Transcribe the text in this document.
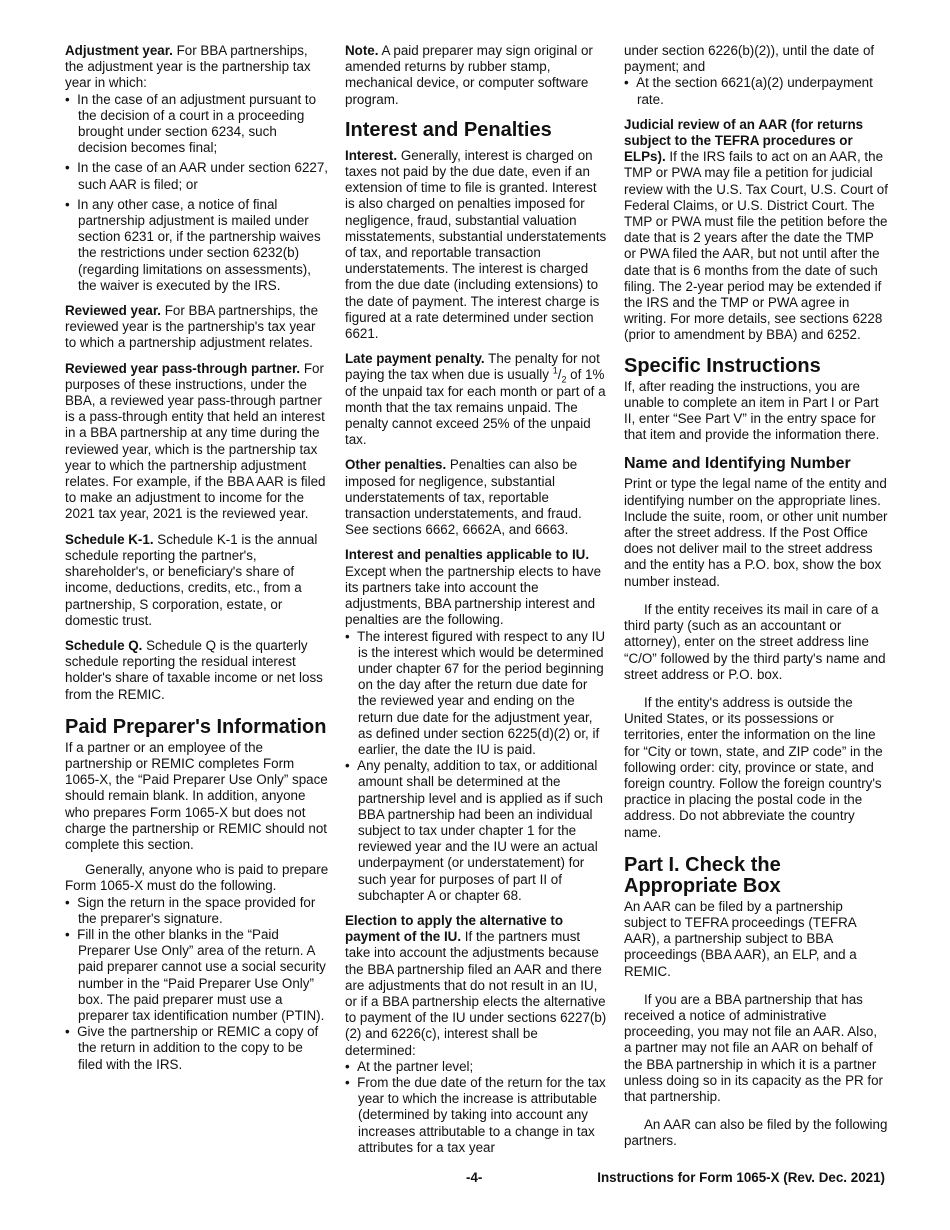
Adjustment year. For BBA partnerships, the adjustment year is the partnership tax year in which:

•  In the case of an adjustment pursuant to the decision of a court in a proceeding brought under section 6234, such decision becomes final;

•  In the case of an AAR under section 6227, such AAR is filed; or

•  In any other case, a notice of final partnership adjustment is mailed under section 6231 or, if the partnership waives the restrictions under section 6232(b) (regarding limitations on assessments), the waiver is executed by the IRS.

Reviewed year. For BBA partnerships, the reviewed year is the partnership's tax year to which a partnership adjustment relates.

Reviewed year pass-through partner. For purposes of these instructions, under the BBA, a reviewed year pass-through partner is a pass-through entity that held an interest in a BBA partnership at any time during the reviewed year, which is the partnership tax year to which the partnership adjustment relates. For example, if the BBA AAR is filed to make an adjustment to income for the 2021 tax year, 2021 is the reviewed year.

Schedule K-1. Schedule K-1 is the annual schedule reporting the partner's, shareholder's, or beneficiary's share of income, deductions, credits, etc., from a partnership, S corporation, estate, or domestic trust.

Schedule Q. Schedule Q is the quarterly schedule reporting the residual interest holder's share of taxable income or net loss from the REMIC.

Paid Preparer's Information

If a partner or an employee of the partnership or REMIC completes Form 1065-X, the “Paid Preparer Use Only” space should remain blank. In addition, anyone who prepares Form 1065-X but does not charge the partnership or REMIC should not complete this section.

Generally, anyone who is paid to prepare Form 1065-X must do the following.

•  Sign the return in the space provided for the preparer's signature.

•  Fill in the other blanks in the “Paid Preparer Use Only” area of the return. A paid preparer cannot use a social security number in the “Paid Preparer Use Only” box. The paid preparer must use a preparer tax identification number (PTIN).

•  Give the partnership or REMIC a copy of the return in addition to the copy to be filed with the IRS.

Note. A paid preparer may sign original or amended returns by rubber stamp, mechanical device, or computer software program.

Interest and Penalties

Interest. Generally, interest is charged on taxes not paid by the due date, even if an extension of time to file is granted. Interest is also charged on penalties imposed for negligence, fraud, substantial valuation misstatements, substantial understatements of tax, and reportable transaction understatements. The interest is charged from the due date (including extensions) to the date of payment. The interest charge is figured at a rate determined under section 6621.

Late payment penalty. The penalty for not paying the tax when due is usually $^1/_2$ of 1% of the unpaid tax for each month or part of a month that the tax remains unpaid. The penalty cannot exceed 25% of the unpaid tax.

Other penalties. Penalties can also be imposed for negligence, substantial understatements of tax, reportable transaction understatements, and fraud. See sections 6662, 6662A, and 6663.

Interest and penalties applicable to IU.

Except when the partnership elects to have its partners take into account the adjustments, BBA partnership interest and penalties are the following.

•  The interest figured with respect to any IU is the interest which would be determined under chapter 67 for the period beginning on the day after the return due date for the reviewed year and ending on the return due date for the adjustment year, as defined under section 6225(d)(2) or, if earlier, the date the IU is paid.

•  Any penalty, addition to tax, or additional amount shall be determined at the partnership level and is applied as if such BBA partnership had been an individual subject to tax under chapter 1 for the reviewed year and the IU were an actual underpayment (or understatement) for such year for purposes of part II of subchapter A or chapter 68.

Election to apply the alternative to payment of the IU. If the partners must take into account the adjustments because the BBA partnership filed an AAR and there are adjustments that do not result in an IU, or if a BBA partnership elects the alternative to payment of the IU under sections 6227(b)(2) and 6226(c), interest shall be determined:

•  At the partner level;

•  From the due date of the return for the tax year to which the increase is attributable (determined by taking into account any increases attributable to a change in tax attributes for a tax year

under section 6226(b)(2)), until the date of payment; and

•  At the section 6621(a)(2) underpayment rate.

Judicial review of an AAR (for returns subject to the TEFRA procedures or ELPs). If the IRS fails to act on an AAR, the TMP or PWA may file a petition for judicial review with the U.S. Tax Court, U.S. Court of Federal Claims, or U.S. District Court. The TMP or PWA must file the petition before the date that is 2 years after the date the TMP or PWA filed the AAR, but not until after the date that is 6 months from the date of such filing. The 2-year period may be extended if the IRS and the TMP or PWA agree in writing. For more details, see sections 6228 (prior to amendment by BBA) and 6252.

Specific Instructions

If, after reading the instructions, you are unable to complete an item in Part I or Part II, enter “See Part V” in the entry space for that item and provide the information there.

Name and Identifying Number

Print or type the legal name of the entity and identifying number on the appropriate lines. Include the suite, room, or other unit number after the street address. If the Post Office does not deliver mail to the street address and the entity has a P.O. box, show the box number instead.

If the entity receives its mail in care of a third party (such as an accountant or attorney), enter on the street address line “C/O” followed by the third party's name and street address or P.O. box.

If the entity's address is outside the United States, or its possessions or territories, enter the information on the line for “City or town, state, and ZIP code” in the following order: city, province or state, and foreign country. Follow the foreign country's practice in placing the postal code in the address. Do not abbreviate the country name.

Part I. Check the Appropriate Box

An AAR can be filed by a partnership subject to TEFRA proceedings (TEFRA AAR), a partnership subject to BBA proceedings (BBA AAR), an ELP, and a REMIC.

If you are a BBA partnership that has received a notice of administrative proceeding, you may not file an AAR. Also, a partner may not file an AAR on behalf of the BBA partnership in which it is a partner unless doing so in its capacity as the PR for that partnership.

An AAR can also be filed by the following partners.

-4-	Instructions for Form 1065-X (Rev. Dec. 2021)
